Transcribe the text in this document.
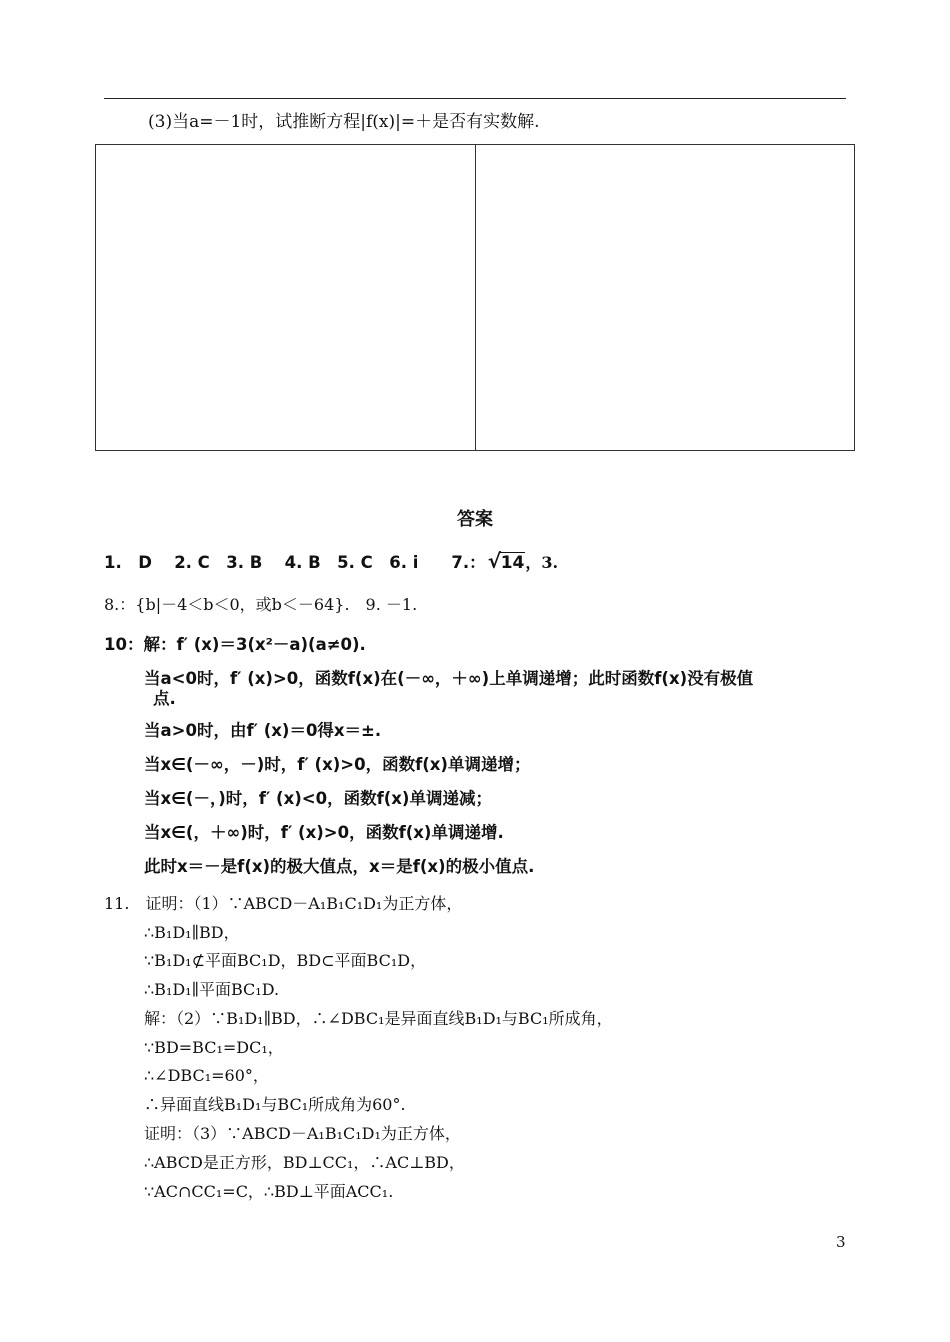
(3)当a=－1时，试推断方程|f(x)|=＋是否有实数解.
答案
1.　D　 2. C　3. B　 4. B　5. C　6. i　　7.： √ 14，3.
8.：{b|－4＜b＜0，或b＜－64}.　9. －1.
10：解：f′ (x)＝3(x²－a)(a≠0).
当a<0时，f′ (x)>0，函数f(x)在(－∞，＋∞)上单调递增；此时函数f(x)没有极值
点.
当a>0时，由f′ (x)＝0得x＝±.
当x∈(－∞，－)时，f′ (x)>0，函数f(x)单调递增；
当x∈(－，)时，f′ (x)<0，函数f(x)单调递减；
当x∈(，＋∞)时，f′ (x)>0，函数f(x)单调递增.
此时x＝－是f(x)的极大值点，x＝是f(x)的极小值点.
11.　证明：（1）∵ABCD－A₁B₁C₁D₁为正方体，
∴B₁D₁∥BD，
∵B₁D₁⊄平面BC₁D，BD⊂平面BC₁D，
∴B₁D₁∥平面BC₁D.
解：（2）∵B₁D₁∥BD，∴∠DBC₁是异面直线B₁D₁与BC₁所成角，
∵BD=BC₁=DC₁，
∴∠DBC₁=60°，
∴异面直线B₁D₁与BC₁所成角为60°.
证明：（3）∵ABCD－A₁B₁C₁D₁为正方体，
∴ABCD是正方形，BD⊥CC₁，∴AC⊥BD，
∵AC∩CC₁=C，∴BD⊥平面ACC₁.
3
